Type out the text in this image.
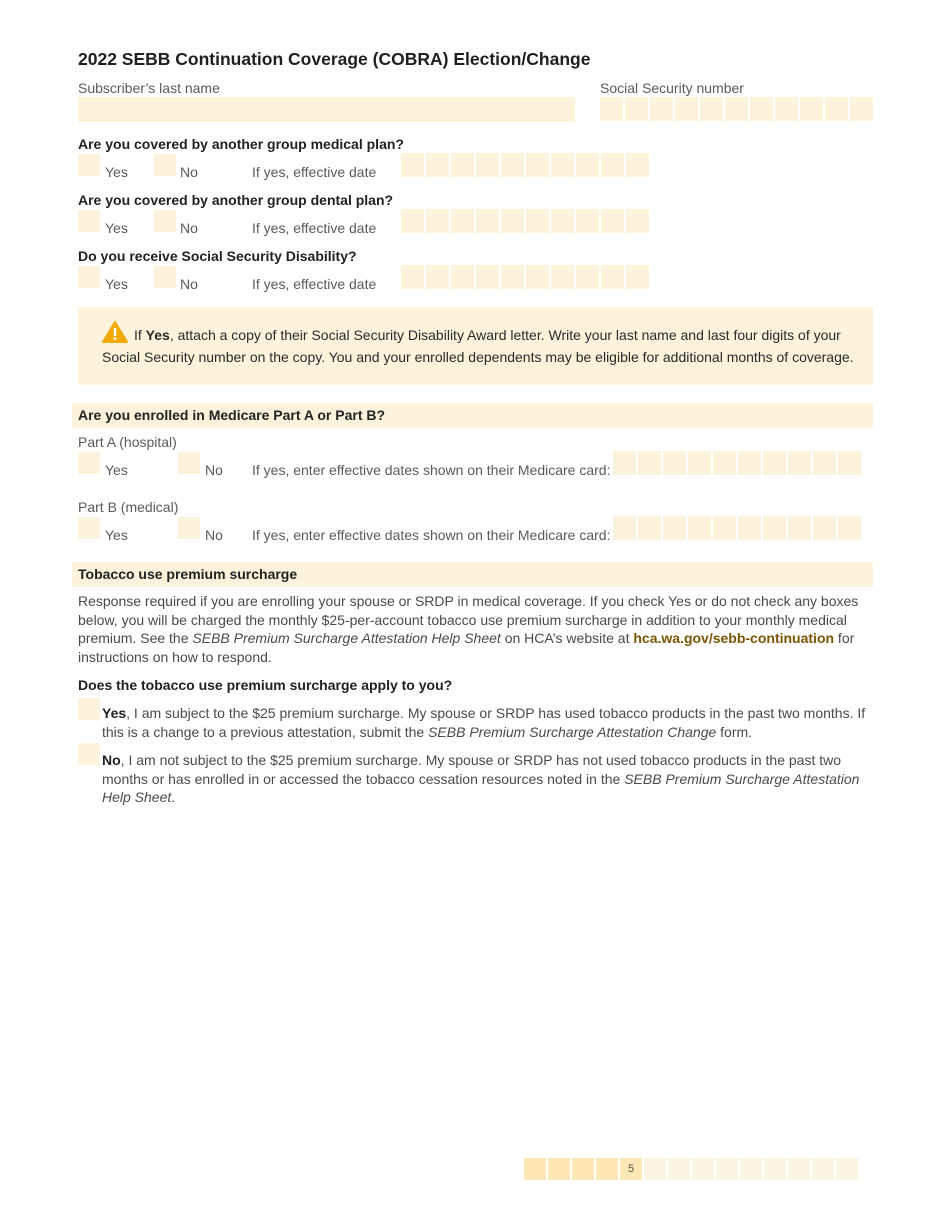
2022 SEBB Continuation Coverage (COBRA) Election/Change
Subscriber’s last name	Social Security number
Are you covered by another group medical plan?
Yes	No	If yes, effective date
Are you covered by another group dental plan?
Yes	No	If yes, effective date
Do you receive Social Security Disability?
Yes	No	If yes, effective date
If Yes, attach a copy of their Social Security Disability Award letter. Write your last name and last four digits of your Social Security number on the copy. You and your enrolled dependents may be eligible for additional months of coverage.
Are you enrolled in Medicare Part A or Part B?
Part A (hospital)
Yes	No If yes, enter effective dates shown on their Medicare card:
Part B (medical)
Yes	No If yes, enter effective dates shown on their Medicare card:
Tobacco use premium surcharge
Response required if you are enrolling your spouse or SRDP in medical coverage. If you check Yes or do not check any boxes below, you will be charged the monthly $25-per-account tobacco use premium surcharge in addition to your monthly medical premium. See the SEBB Premium Surcharge Attestation Help Sheet on HCA’s website at hca.wa.gov/sebb-continuation for instructions on how to respond.
Does the tobacco use premium surcharge apply to you?
Yes, I am subject to the $25 premium surcharge. My spouse or SRDP has used tobacco products in the past two months. If this is a change to a previous attestation, submit the SEBB Premium Surcharge Attestation Change form.
No, I am not subject to the $25 premium surcharge. My spouse or SRDP has not used tobacco products in the past two months or has enrolled in or accessed the tobacco cessation resources noted in the SEBB Premium Surcharge Attestation Help Sheet.
5
